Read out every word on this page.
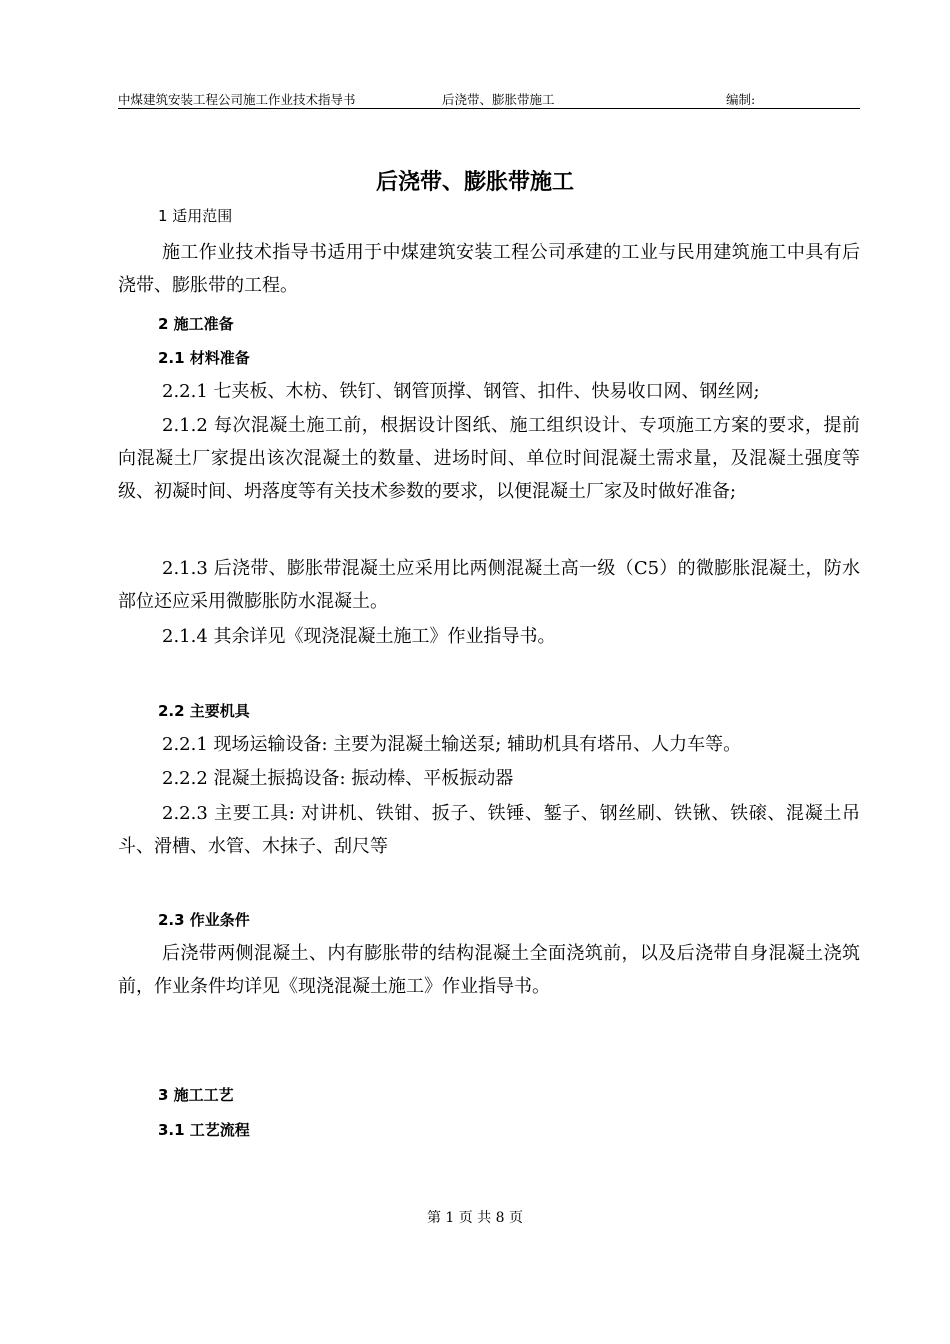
中煤建筑安装工程公司施工作业技术指导书	后浇带、膨胀带施工	编制:
后浇带、膨胀带施工
1 适用范围

施工作业技术指导书适用于中煤建筑安装工程公司承建的工业与民用建筑施工中具有后浇带、膨胀带的工程。

2 施工准备
2.1 材料准备

2.2.1 七夹板、木枋、铁钉、钢管顶撑、钢管、扣件、快易收口网、钢丝网;

2.1.2 每次混凝土施工前，根据设计图纸、施工组织设计、专项施工方案的要求，提前向混凝土厂家提出该次混凝土的数量、进场时间、单位时间混凝土需求量，及混凝土强度等级、初凝时间、坍落度等有关技术参数的要求，以便混凝土厂家及时做好准备;

2.1.3 后浇带、膨胀带混凝土应采用比两侧混凝土高一级（C5）的微膨胀混凝土，防水部位还应采用微膨胀防水混凝土。

2.1.4 其余详见《现浇混凝土施工》作业指导书。

2.2 主要机具

2.2.1 现场运输设备: 主要为混凝土输送泵; 辅助机具有塔吊、人力车等。

2.2.2 混凝土振捣设备: 振动棒、平板振动器

2.2.3 主要工具: 对讲机、铁钳、扳子、铁锤、錾子、钢丝刷、铁锹、铁磙、混凝土吊斗、滑槽、水管、木抹子、刮尺等

2.3 作业条件

后浇带两侧混凝土、内有膨胀带的结构混凝土全面浇筑前，以及后浇带自身混凝土浇筑前，作业条件均详见《现浇混凝土施工》作业指导书。

3 施工工艺
3.1 工艺流程
第 1 页 共 8 页
